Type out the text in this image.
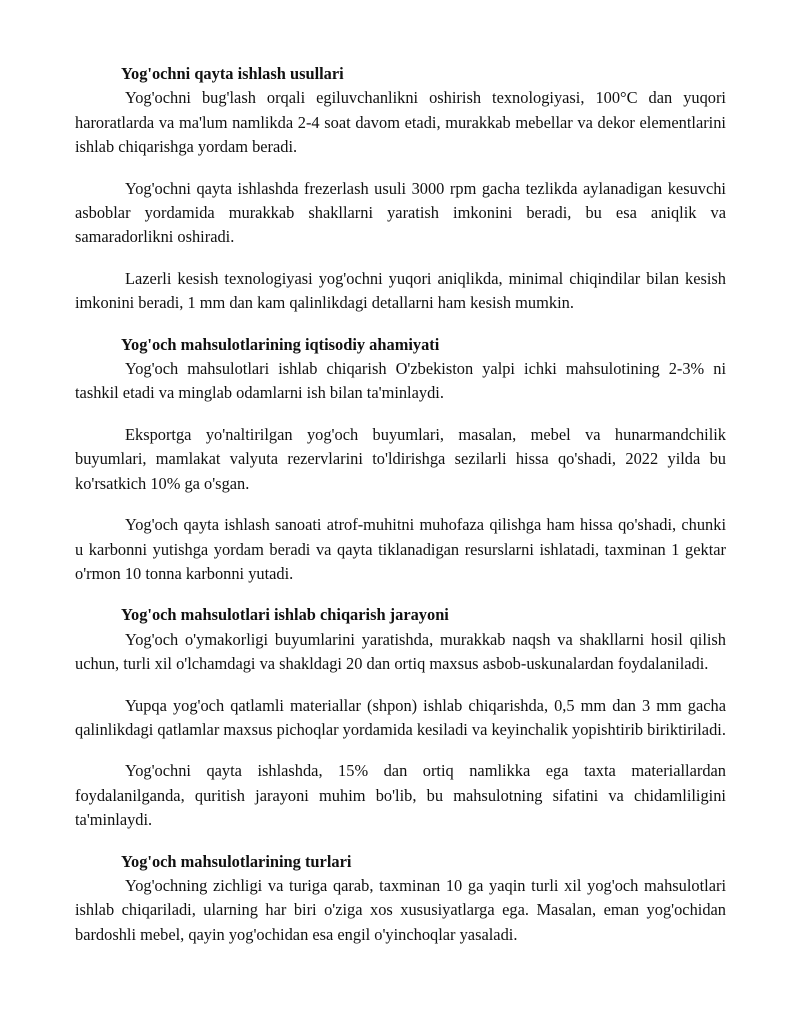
Yog'ochni qayta ishlash usullari

Yog'ochni bug'lash orqali egiluvchanlikni oshirish texnologiyasi, 100°C dan yuqori haroratlarda va ma'lum namlikda 2-4 soat davom etadi, murakkab mebellar va dekor elementlarini ishlab chiqarishga yordam beradi.

Yog'ochni qayta ishlashda frezerlash usuli 3000 rpm gacha tezlikda aylanadigan kesuvchi asboblar yordamida murakkab shakllarni yaratish imkonini beradi, bu esa aniqlik va samaradorlikni oshiradi.

Lazerli kesish texnologiyasi yog'ochni yuqori aniqlikda, minimal chiqindilar bilan kesish imkonini beradi, 1 mm dan kam qalinlikdagi detallarni ham kesish mumkin.

Yog'och mahsulotlarining iqtisodiy ahamiyati

Yog'och mahsulotlari ishlab chiqarish O'zbekiston yalpi ichki mahsulotining 2-3% ni tashkil etadi va minglab odamlarni ish bilan ta'minlaydi.

Eksportga yo'naltirilgan yog'och buyumlari, masalan, mebel va hunarmandchilik buyumlari, mamlakat valyuta rezervlarini to'ldirishga sezilarli hissa qo'shadi, 2022 yilda bu ko'rsatkich 10% ga o'sgan.

Yog'och qayta ishlash sanoati atrof-muhitni muhofaza qilishga ham hissa qo'shadi, chunki u karbonni yutishga yordam beradi va qayta tiklanadigan resurslarni ishlatadi, taxminan 1 gektar o'rmon 10 tonna karbonni yutadi.

Yog'och mahsulotlari ishlab chiqarish jarayoni

Yog'och o'ymakorligi buyumlarini yaratishda, murakkab naqsh va shakllarni hosil qilish uchun, turli xil o'lchamdagi va shakldagi 20 dan ortiq maxsus asbob-uskunalardan foydalaniladi.

Yupqa yog'och qatlamli materiallar (shpon) ishlab chiqarishda, 0,5 mm dan 3 mm gacha qalinlikdagi qatlamlar maxsus pichoqlar yordamida kesiladi va keyinchalik yopishtirib biriktiriladi.

Yog'ochni qayta ishlashda, 15% dan ortiq namlikka ega taxta materiallardan foydalanilganda, quritish jarayoni muhim bo'lib, bu mahsulotning sifatini va chidamliligini ta'minlaydi.

Yog'och mahsulotlarining turlari

Yog'ochning zichligi va turiga qarab, taxminan 10 ga yaqin turli xil yog'och mahsulotlari ishlab chiqariladi, ularning har biri o'ziga xos xususiyatlarga ega. Masalan, eman yog'ochidan bardoshli mebel, qayin yog'ochidan esa engil o'yinchoqlar yasaladi.
